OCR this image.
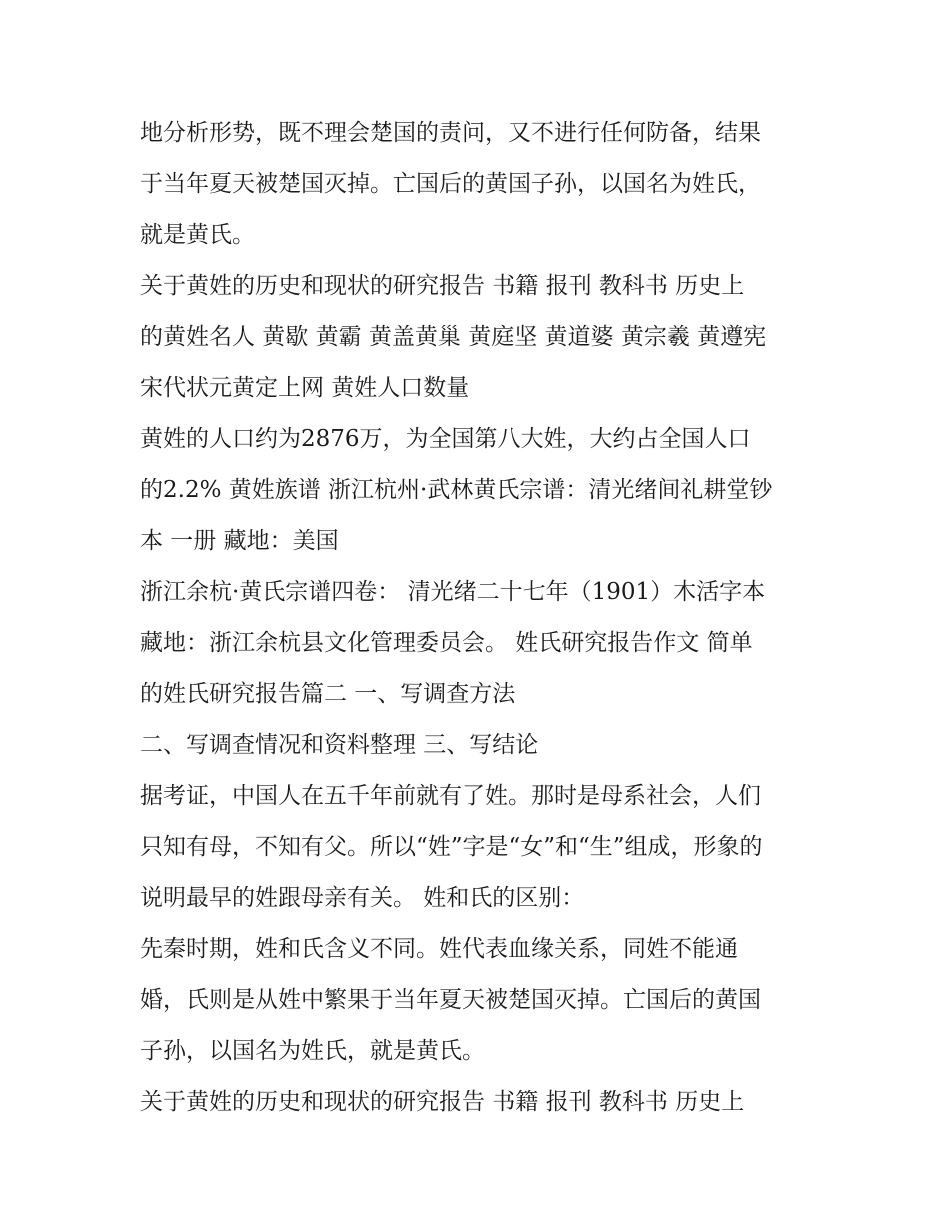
地分析形势，既不理会楚国的责问，又不进行任何防备，结果
于当年夏天被楚国灭掉。亡国后的黄国子孙，以国名为姓氏，
就是黄氏。
关于黄姓的历史和现状的研究报告 书籍 报刊 教科书 历史上
的黄姓名人 黄歇 黄霸 黄盖黄巢 黄庭坚 黄道婆 黄宗羲 黄遵宪
宋代状元黄定上网 黄姓人口数量
黄姓的人口约为2876万，为全国第八大姓，大约占全国人口
的2.2% 黄姓族谱 浙江杭州·武林黄氏宗谱：清光绪间礼耕堂钞
本 一册 藏地：美国
浙江余杭·黄氏宗谱四卷： 清光绪二十七年（1901）木活字本
藏地：浙江余杭县文化管理委员会。 姓氏研究报告作文 简单
的姓氏研究报告篇二 一、写调查方法
二、写调查情况和资料整理 三、写结论
据考证，中国人在五千年前就有了姓。那时是母系社会，人们
只知有母，不知有父。所以“姓”字是“女”和“生”组成，形象的
说明最早的姓跟母亲有关。 姓和氏的区别：
先秦时期，姓和氏含义不同。姓代表血缘关系，同姓不能通
婚，氏则是从姓中繁果于当年夏天被楚国灭掉。亡国后的黄国
子孙，以国名为姓氏，就是黄氏。
关于黄姓的历史和现状的研究报告 书籍 报刊 教科书 历史上
